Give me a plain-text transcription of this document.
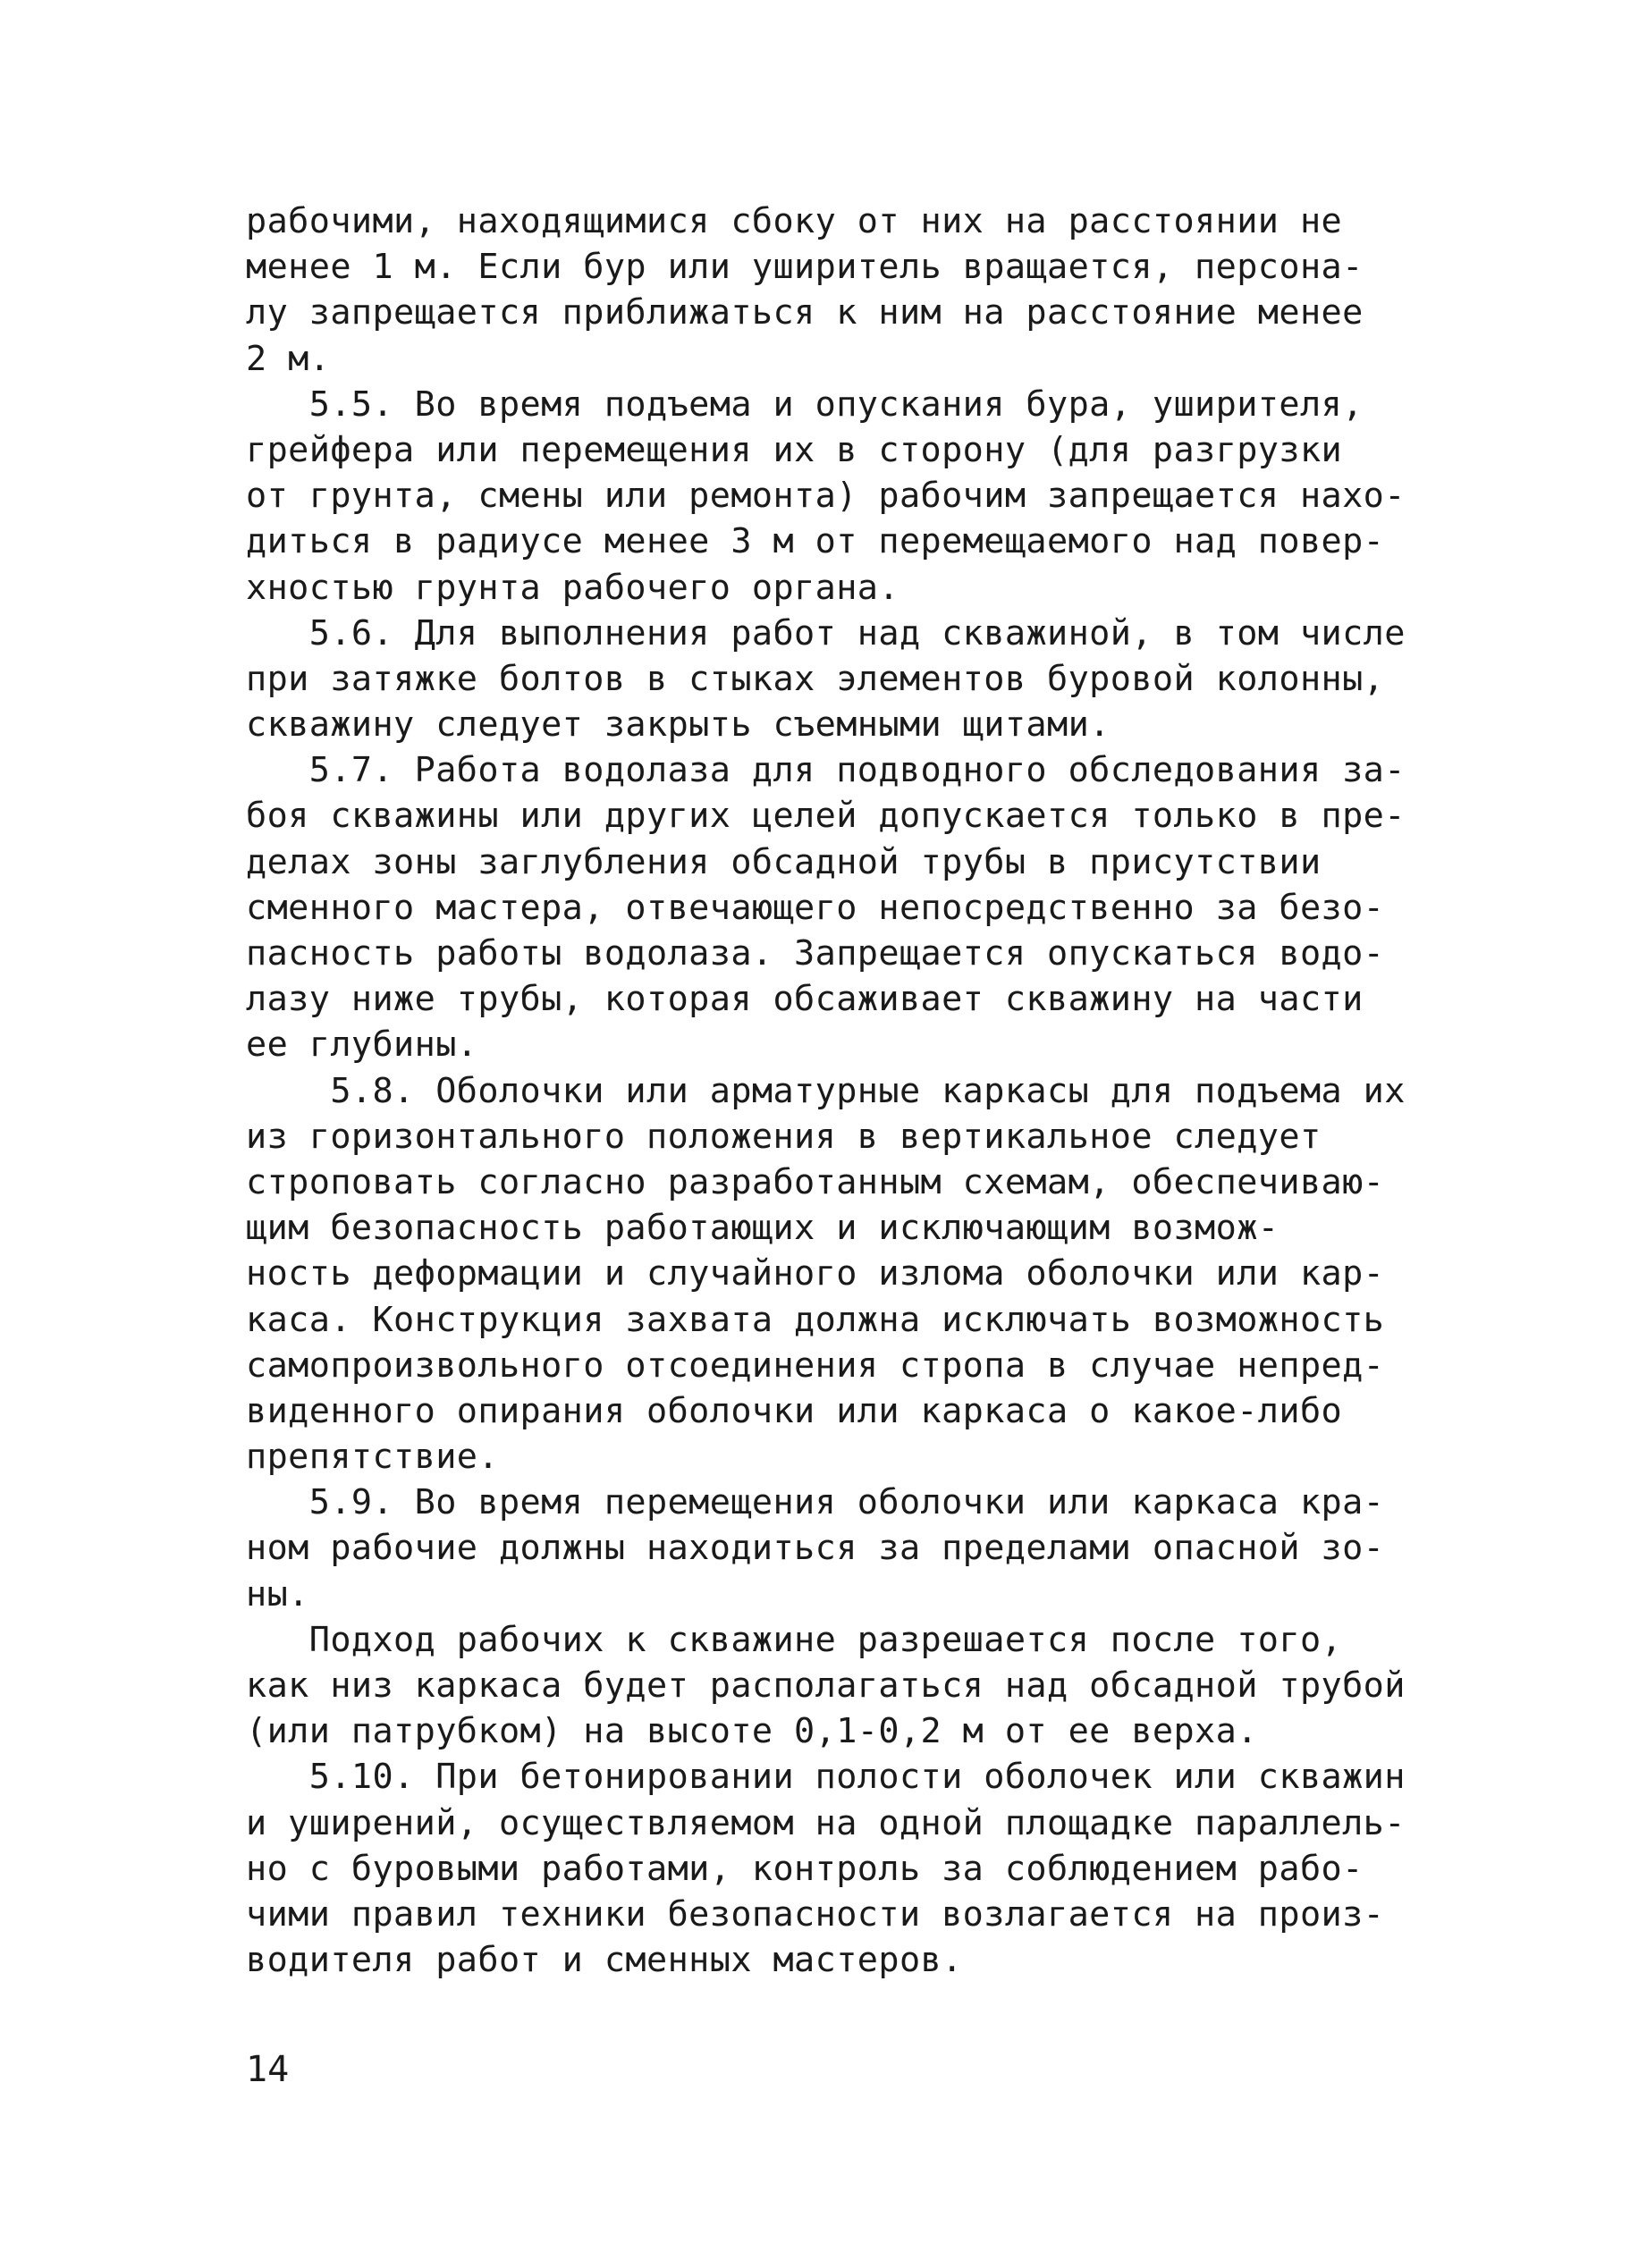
рабочими, находящимися сбоку от них на расстоянии не
менее 1 м. Если бур или уширитель вращается, персона-
лу запрещается приближаться к ним на расстояние менее
2 м.
5.5. Во время подъема и опускания бура, уширителя,
грейфера или перемещения их в сторону (для разгрузки
от грунта, смены или ремонта) рабочим запрещается нахо-
диться в радиусе менее 3 м от перемещаемого над повер-
хностью грунта рабочего органа.
5.6. Для выполнения работ над скважиной, в том числе
при затяжке болтов в стыках элементов буровой колонны,
скважину следует закрыть съемными щитами.
5.7. Работа водолаза для подводного обследования за-
боя скважины или других целей допускается только в пре-
делах зоны заглубления обсадной трубы в присутствии
сменного мастера, отвечающего непосредственно за безо-
пасность работы водолаза. Запрещается опускаться водо-
лазу ниже трубы, которая обсаживает скважину на части
ее глубины.
5.8. Оболочки или арматурные каркасы для подъема их
из горизонтального положения в вертикальное следует
строповать согласно разработанным схемам, обеспечиваю-
щим безопасность работающих и исключающим возмож-
ность деформации и случайного излома оболочки или кар-
каса. Конструкция захвата должна исключать возможность
самопроизвольного отсоединения стропа в случае непред-
виденного опирания оболочки или каркаса о какое-либо
препятствие.
5.9. Во время перемещения оболочки или каркаса кра-
ном рабочие должны находиться за пределами опасной зо-
ны.
Подход рабочих к скважине разрешается после того,
как низ каркаса будет располагаться над обсадной трубой
(или патрубком) на высоте 0,1-0,2 м от ее верха.
5.10. При бетонировании полости оболочек или скважин
и уширений, осуществляемом на одной площадке параллель-
но с буровыми работами, контроль за соблюдением рабо-
чими правил техники безопасности возлагается на произ-
водителя работ и сменных мастеров.
14
